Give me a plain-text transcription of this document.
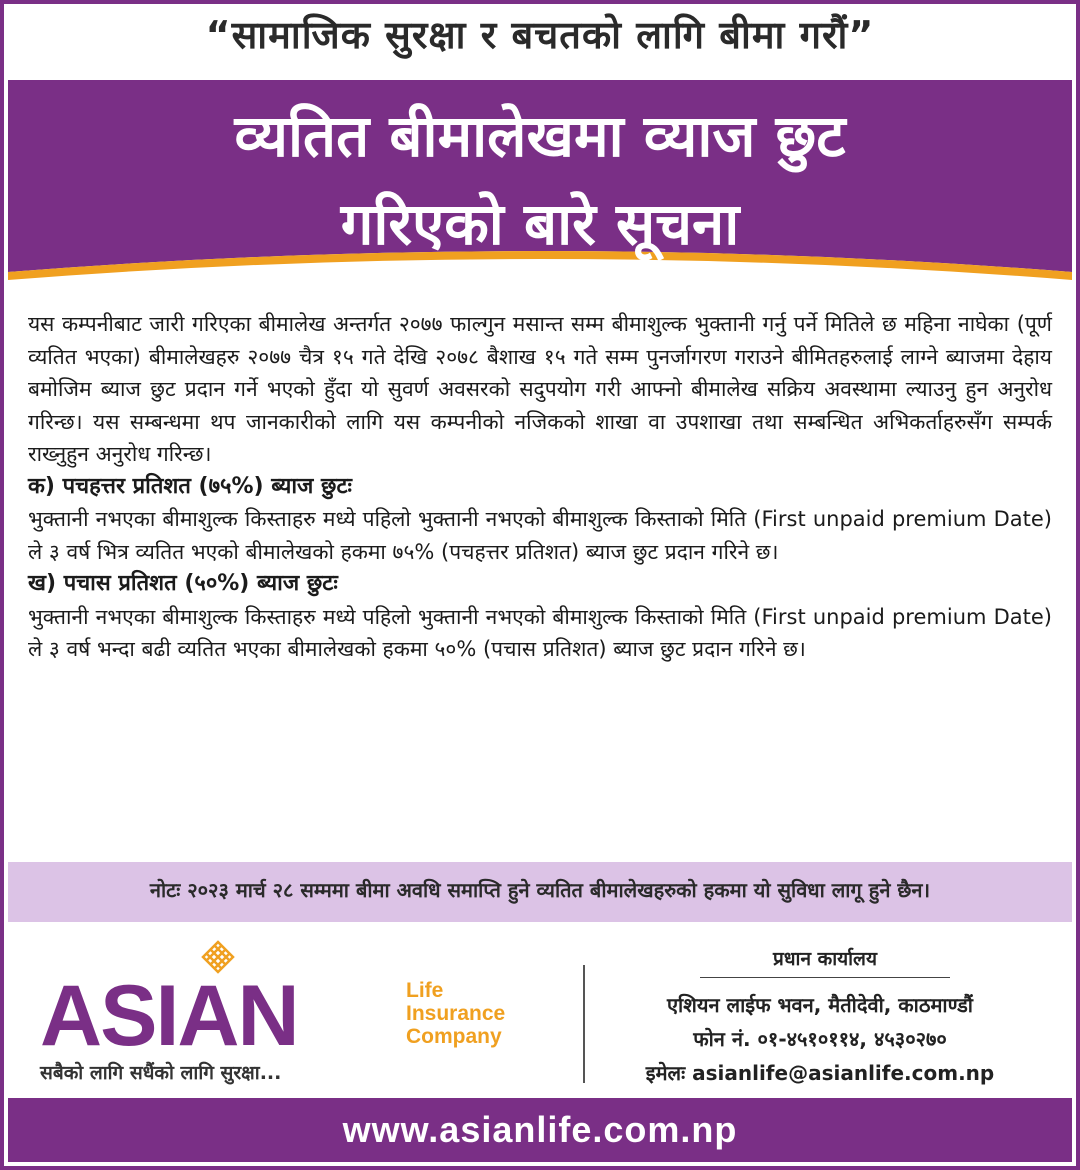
“सामाजिक सुरक्षा र बचतको लागि बीमा गरौं”
व्यतित बीमालेखमा व्याज छुट
गरिएको बारे सूचना

यस कम्पनीबाट जारी गरिएका बीमालेख अन्तर्गत २०७७ फाल्गुन मसान्त सम्म बीमाशुल्क भुक्तानी गर्नु पर्ने मितिले छ महिना नाघेका (पूर्ण व्यतित भएका) बीमालेखहरु २०७७ चैत्र १५ गते देखि २०७८ बैशाख १५ गते सम्म पुनर्जागरण गराउने बीमितहरुलाई लाग्ने ब्याजमा देहाय बमोजिम ब्याज छुट प्रदान गर्ने भएको हुँदा यो सुवर्ण अवसरको सदुपयोग गरी आफ्नो बीमालेख सक्रिय अवस्थामा ल्याउनु हुन अनुरोध गरिन्छ। यस सम्बन्धमा थप जानकारीको लागि यस कम्पनीको नजिकको शाखा वा उपशाखा तथा सम्बन्धित अभिकर्ताहरुसँग सम्पर्क राख्नुहुन अनुरोध गरिन्छ।

क) पचहत्तर प्रतिशत (७५%) ब्याज छुटः

भुक्तानी नभएका बीमाशुल्क किस्ताहरु मध्ये पहिलो भुक्तानी नभएको बीमाशुल्क किस्ताको मिति (First unpaid premium Date) ले ३ वर्ष भित्र व्यतित भएको बीमालेखको हकमा ७५% (पचहत्तर प्रतिशत) ब्याज छुट प्रदान गरिने छ।

ख) पचास प्रतिशत (५०%) ब्याज छुटः

भुक्तानी नभएका बीमाशुल्क किस्ताहरु मध्ये पहिलो भुक्तानी नभएको बीमाशुल्क किस्ताको मिति (First unpaid premium Date) ले ३ वर्ष भन्दा बढी व्यतित भएका बीमालेखको हकमा ५०% (पचास प्रतिशत) ब्याज छुट प्रदान गरिने छ।

नोटः २०२३ मार्च २८ सम्ममा बीमा अवधि समाप्ति हुने व्यतित बीमालेखहरुको हकमा यो सुविधा लागू हुने छैन।
ASIAN	Life
Insurance
Company
सबैको लागि सधैंको लागि सुरक्षा...
प्रधान कार्यालय
एशियन लाईफ भवन, मैतीदेवी, काठमाण्डौं
फोन नं. ०१-४५१०११४, ४५३०२७०
इमेलः asianlife@asianlife.com.np
www.asianlife.com.np
